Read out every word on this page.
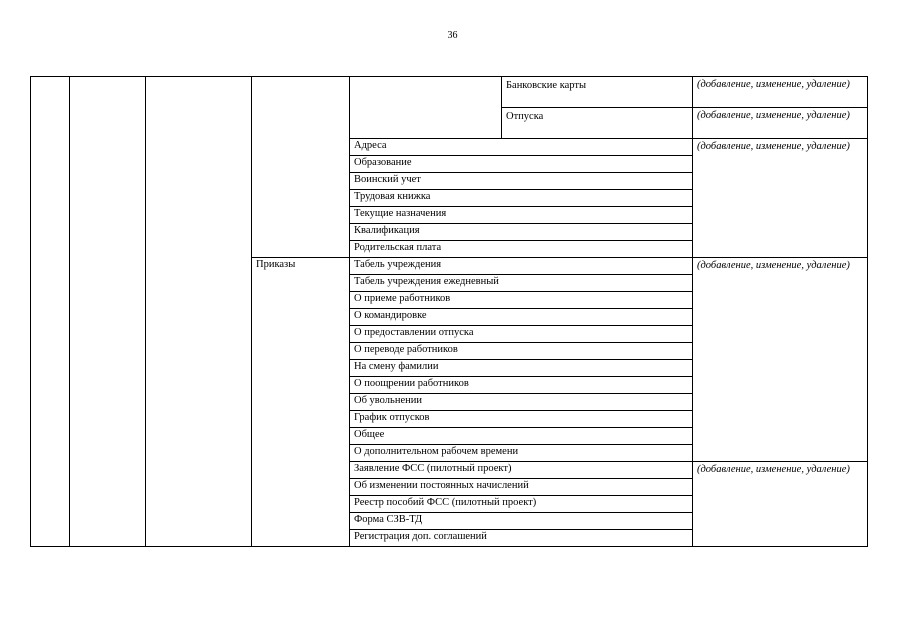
36
					Банковские карты	(добавление, изменение, удаление)
					Отпуска	(добавление, изменение, удаление)
				Адреса		(добавление, изменение, удаление)
				Образование		
				Воинский учет		
				Трудовая книжка		
				Текущие назначения		
				Квалификация		
				Родительская плата		
			Приказы	Табель учреждения		(добавление, изменение, удаление)
				Табель учреждения ежедневный		
				О приеме работников		
				О командировке		
				О предоставлении отпуска		
				О переводе работников		
				На смену фамилии		
				О поощрении работников		
				Об увольнении		
				График отпусков		
				Общее		
				О дополнительном рабочем времени		
				Заявление ФСС (пилотный проект)		(добавление, изменение, удаление)
				Об изменении постоянных начислений		
				Реестр пособий ФСС (пилотный проект)		
				Форма СЗВ-ТД		
				Регистрация доп. соглашений		
